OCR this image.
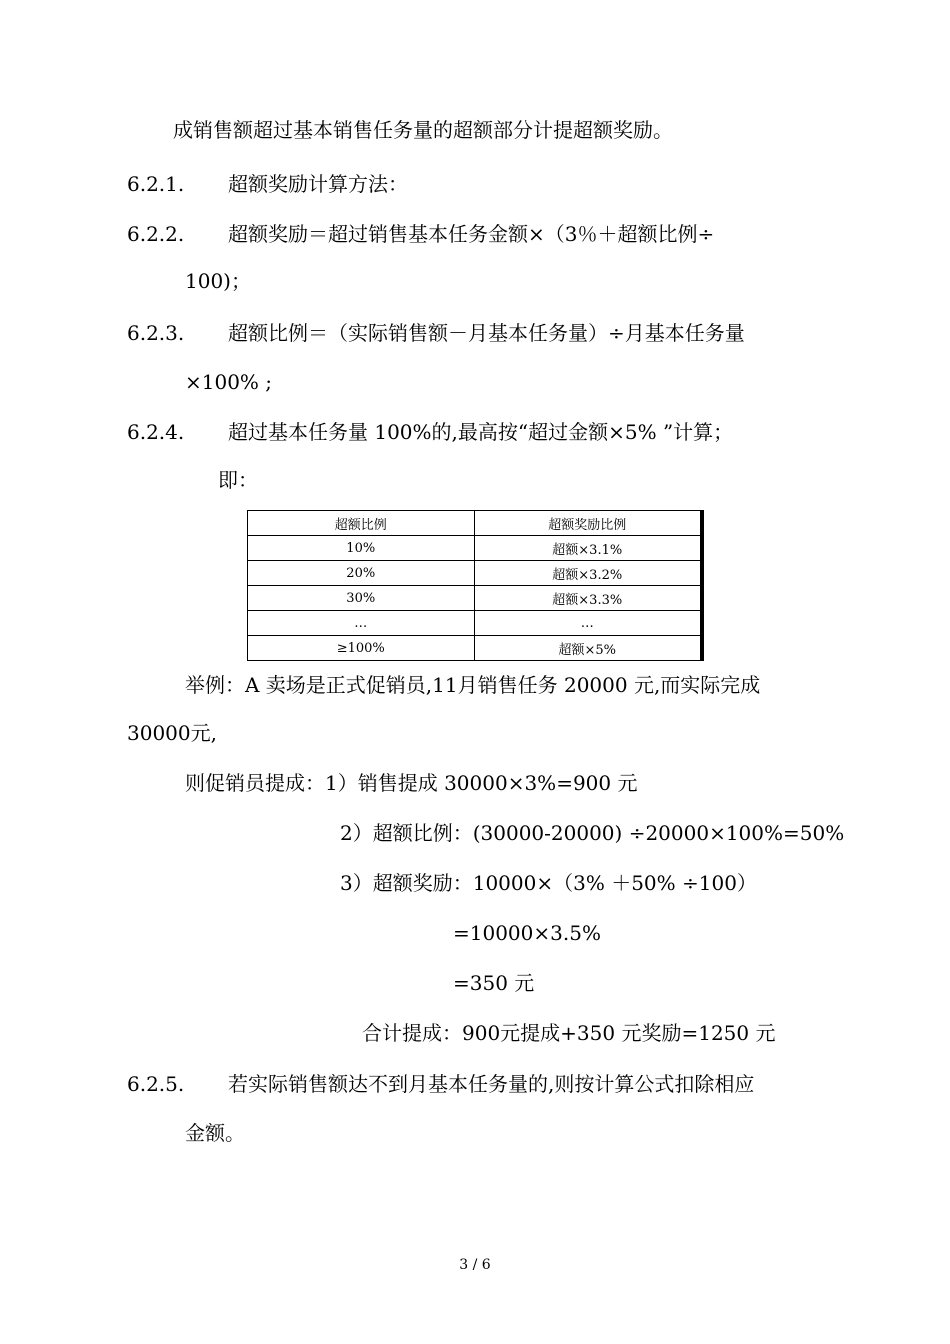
成销售额超过基本销售任务量的超额部分计提超额奖励。
6.2.1. 超额奖励计算方法：
6.2.2. 超额奖励＝超过销售基本任务金额×（3％＋超额比例÷
100)；
6.2.3. 超额比例＝（实际销售额－月基本任务量）÷月基本任务量
×100% ;
6.2.4. 超过基本任务量 100%的,最高按“超过金额×5% ”计算；
即：
超额比例	超额奖励比例
10%	超额×3.1%
20%	超额×3.2%
30%	超额×3.3%
…	…
≥100%	超额×5%
举例：A 卖场是正式促销员,11月销售任务 20000 元,而实际完成
30000元,
则促销员提成：1）销售提成 30000×3%=900 元
2）超额比例：(30000-20000) ÷20000×100%=50%
3）超额奖励：10000×（3% ＋50% ÷100）
=10000×3.5%
=350 元
合计提成：900元提成+350 元奖励=1250 元
6.2.5. 若实际销售额达不到月基本任务量的,则按计算公式扣除相应
金额。
3 / 6
